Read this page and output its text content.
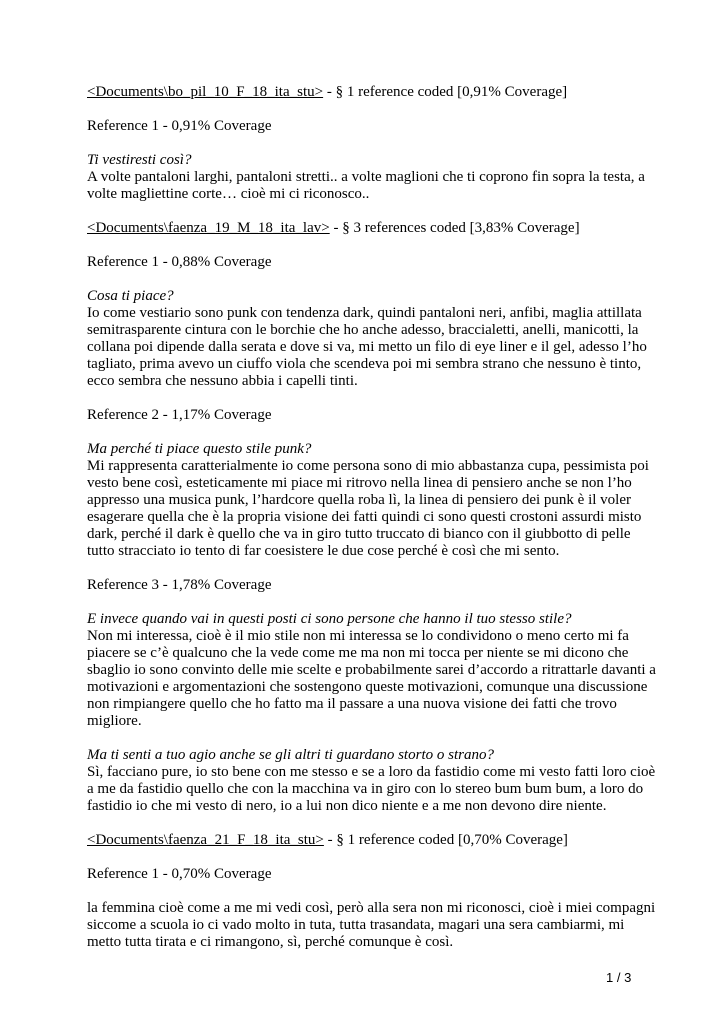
<Documents\bo_pil_10_F_18_ita_stu> - § 1 reference coded [0,91% Coverage]
Reference 1 - 0,91% Coverage
Ti vestiresti così?
A volte pantaloni larghi, pantaloni stretti.. a volte maglioni che ti coprono fin sopra la testa, a volte magliettine corte… cioè mi ci riconosco..
<Documents\faenza_19_M_18_ita_lav> - § 3 references coded [3,83% Coverage]
Reference 1 - 0,88% Coverage
Cosa ti piace?
Io come vestiario sono punk con tendenza dark, quindi pantaloni neri, anfibi, maglia attillata semitrasparente cintura con le borchie che ho anche adesso, braccialetti, anelli, manicotti, la collana poi dipende dalla serata e dove si va, mi metto un filo di eye liner e il gel, adesso l’ho tagliato, prima avevo un ciuffo viola che scendeva poi mi sembra strano che nessuno è tinto, ecco sembra che nessuno abbia i capelli tinti.
Reference 2 - 1,17% Coverage
Ma perché ti piace questo stile punk?
Mi rappresenta caratterialmente io come persona sono di mio abbastanza cupa, pessimista poi vesto bene così, esteticamente mi piace mi ritrovo nella linea di pensiero anche se non l’ho appresso una musica punk, l’hardcore quella roba lì, la linea di pensiero dei punk è il voler esagerare quella che è la propria visione dei fatti quindi ci sono questi crostoni assurdi misto dark, perché il dark è quello che va in giro tutto truccato di bianco con il giubbotto di pelle tutto stracciato io tento di far coesistere le due cose perché è così che mi sento.
Reference 3 - 1,78% Coverage
E invece quando vai in questi posti ci sono persone che hanno il tuo stesso stile?
Non mi interessa, cioè è il mio stile non mi interessa se lo condividono o meno certo mi fa piacere se c’è qualcuno che la vede come me ma non mi tocca per niente se mi dicono che sbaglio io sono convinto delle mie scelte e probabilmente sarei d’accordo a ritrattarle davanti a motivazioni e argomentazioni che sostengono queste motivazioni, comunque una discussione non rimpiangere quello che ho fatto ma il passare a una nuova visione dei fatti che trovo migliore.
Ma ti senti a tuo agio anche se gli altri ti guardano storto o strano?
Sì, facciano pure, io sto bene con me stesso e se a loro da fastidio come mi vesto fatti loro cioè a me da fastidio quello che con la macchina va in giro con lo stereo bum bum bum, a loro do fastidio io che mi vesto di nero, io a lui non dico niente e a me non devono dire niente.
<Documents\faenza_21_F_18_ita_stu> - § 1 reference coded [0,70% Coverage]
Reference 1 - 0,70% Coverage
la femmina cioè come a me mi vedi così, però alla sera non mi riconosci, cioè i miei compagni siccome a scuola io ci vado molto in tuta, tutta trasandata, magari una sera cambiarmi, mi metto tutta tirata e ci rimangono, sì, perché comunque è così.
1 / 3
